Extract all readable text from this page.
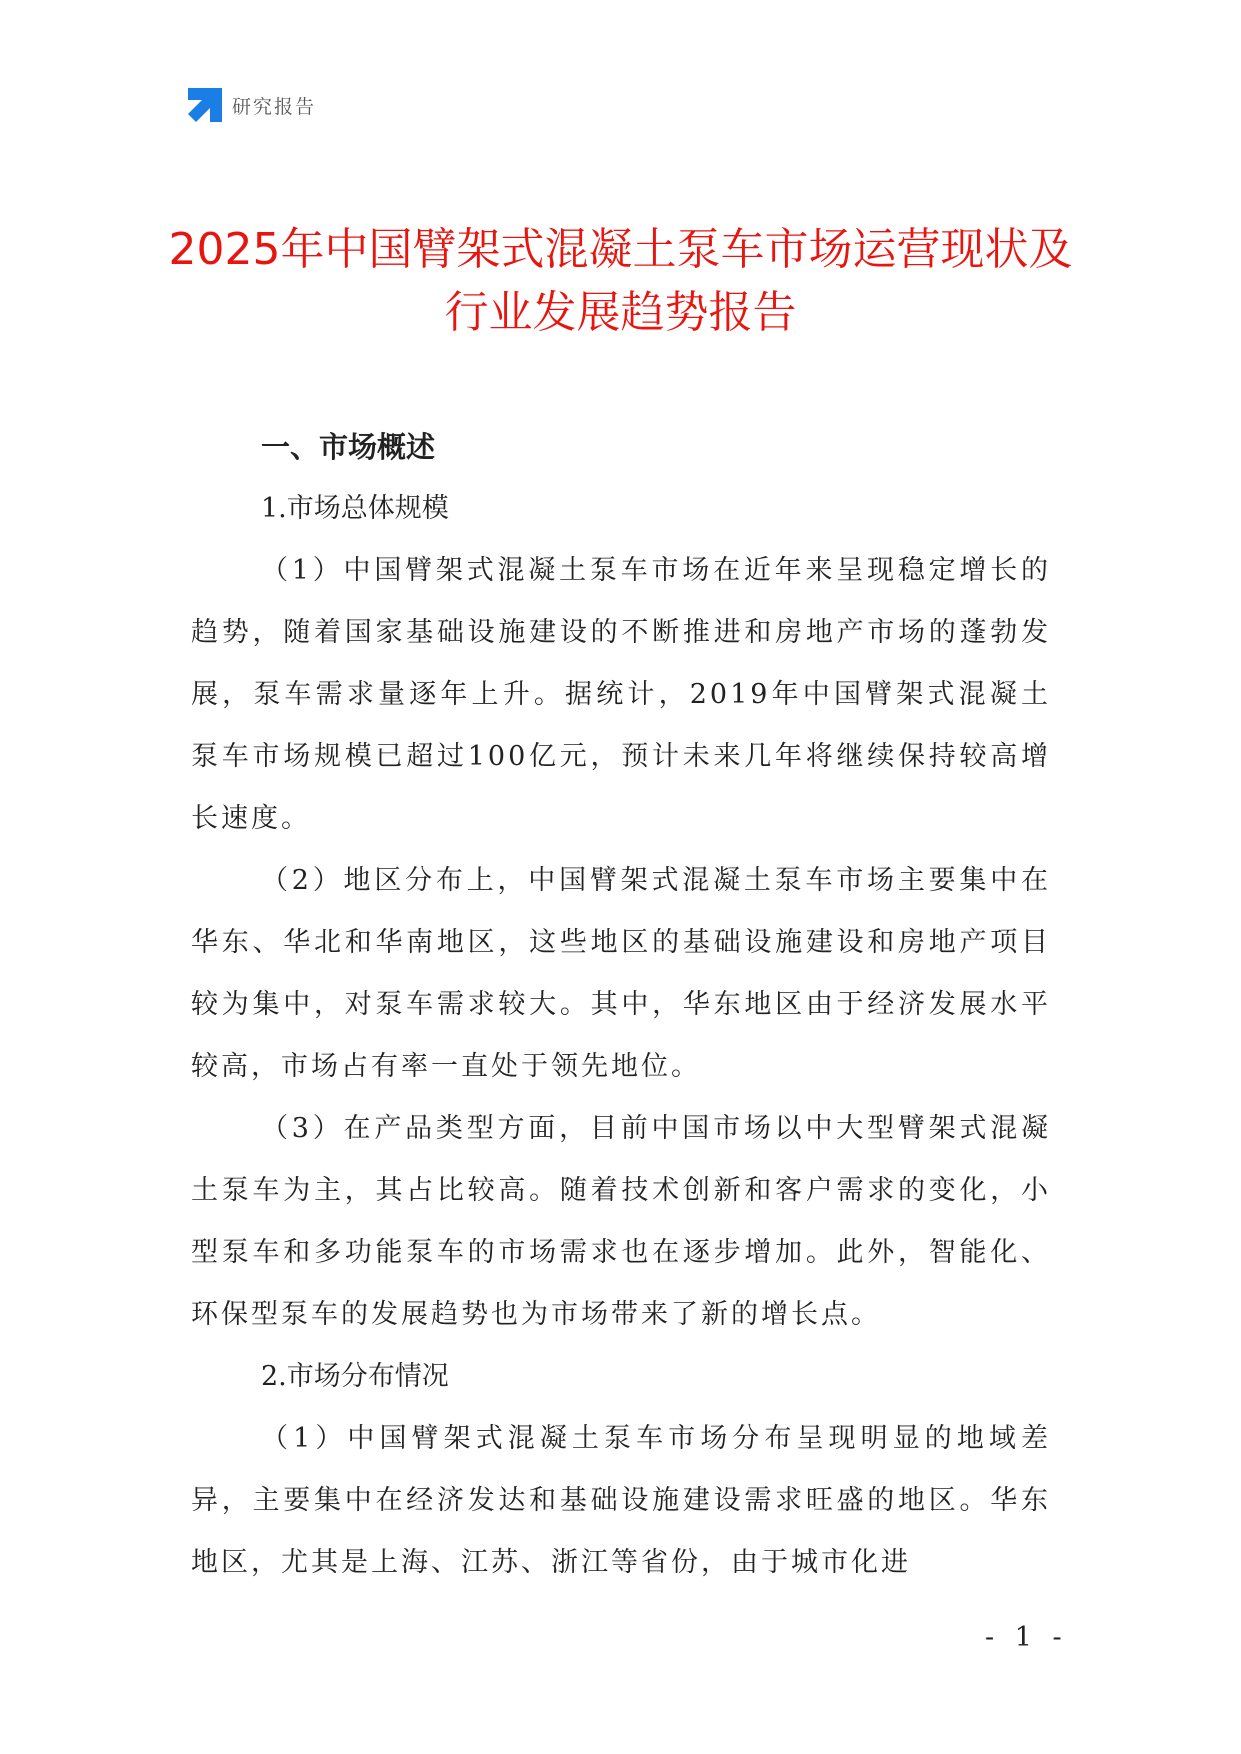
研究报告
2025年中国臂架式混凝土泵车市场运营现状及行业发展趋势报告

一、市场概述

1.市场总体规模

（1）中国臂架式混凝土泵车市场在近年来呈现稳定增长的趋势，随着国家基础设施建设的不断推进和房地产市场的蓬勃发展，泵车需求量逐年上升。据统计，2019年中国臂架式混凝土泵车市场规模已超过100亿元，预计未来几年将继续保持较高增长速度。

（2）地区分布上，中国臂架式混凝土泵车市场主要集中在华东、华北和华南地区，这些地区的基础设施建设和房地产项目较为集中，对泵车需求较大。其中，华东地区由于经济发展水平较高，市场占有率一直处于领先地位。

（3）在产品类型方面，目前中国市场以中大型臂架式混凝土泵车为主，其占比较高。随着技术创新和客户需求的变化，小型泵车和多功能泵车的市场需求也在逐步增加。此外，智能化、环保型泵车的发展趋势也为市场带来了新的增长点。

2.市场分布情况

（1）中国臂架式混凝土泵车市场分布呈现明显的地域差异，主要集中在经济发达和基础设施建设需求旺盛的地区。华东地区，尤其是上海、江苏、浙江等省份，由于城市化进

- 1 -
